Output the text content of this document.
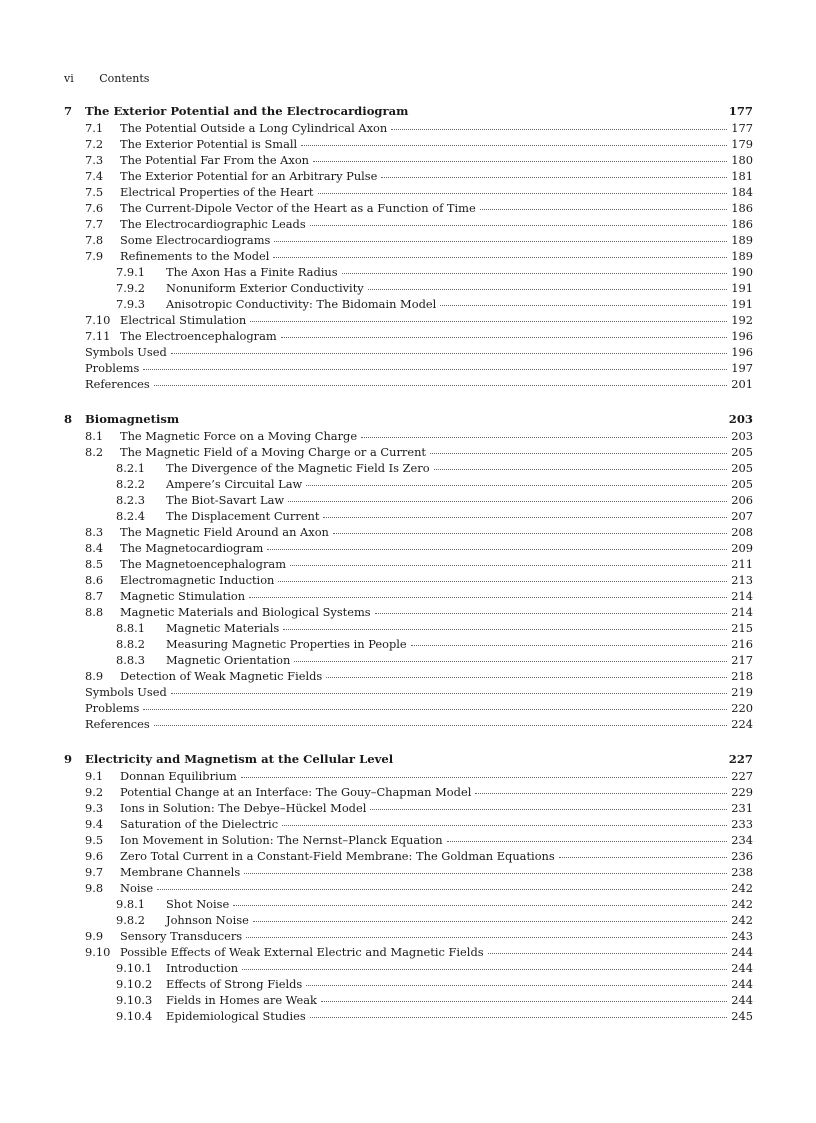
vi Contents
7	The Exterior Potential and the Electrocardiogram	177
7.1	The Potential Outside a Long Cylindrical Axon	177
7.2	The Exterior Potential is Small	179
7.3	The Potential Far From the Axon	180
7.4	The Exterior Potential for an Arbitrary Pulse	181
7.5	Electrical Properties of the Heart	184
7.6	The Current-Dipole Vector of the Heart as a Function of Time	186
7.7	The Electrocardiographic Leads	186
7.8	Some Electrocardiograms	189
7.9	Refinements to the Model	189
7.9.1	The Axon Has a Finite Radius	190
7.9.2	Nonuniform Exterior Conductivity	191
7.9.3	Anisotropic Conductivity: The Bidomain Model	191
7.10 Electrical Stimulation	192
7.11 The Electroencephalogram	196
Symbols Used	196
Problems	197
References	201
8	Biomagnetism	203
8.1	The Magnetic Force on a Moving Charge	203
8.2	The Magnetic Field of a Moving Charge or a Current	205
8.2.1	The Divergence of the Magnetic Field Is Zero	205
8.2.2	Ampere’s Circuital Law	205
8.2.3	The Biot-Savart Law	206
8.2.4	The Displacement Current	207
8.3	The Magnetic Field Around an Axon	208
8.4	The Magnetocardiogram	209
8.5	The Magnetoencephalogram	211
8.6	Electromagnetic Induction	213
8.7	Magnetic Stimulation	214
8.8	Magnetic Materials and Biological Systems	214
8.8.1	Magnetic Materials	215
8.8.2	Measuring Magnetic Properties in People	216
8.8.3	Magnetic Orientation	217
8.9	Detection of Weak Magnetic Fields	218
Symbols Used	219
Problems	220
References	224
9	Electricity and Magnetism at the Cellular Level	227
9.1	Donnan Equilibrium	227
9.2	Potential Change at an Interface: The Gouy–Chapman Model	229
9.3	Ions in Solution: The Debye–Hückel Model	231
9.4	Saturation of the Dielectric	233
9.5	Ion Movement in Solution: The Nernst–Planck Equation	234
9.6	Zero Total Current in a Constant-Field Membrane: The Goldman Equations	236
9.7	Membrane Channels	238
9.8	Noise	242
9.8.1	Shot Noise	242
9.8.2	Johnson Noise	242
9.9	Sensory Transducers	243
9.10 Possible Effects of Weak External Electric and Magnetic Fields	244
9.10.1	Introduction	244
9.10.2	Effects of Strong Fields	244
9.10.3	Fields in Homes are Weak	244
9.10.4	Epidemiological Studies	245
